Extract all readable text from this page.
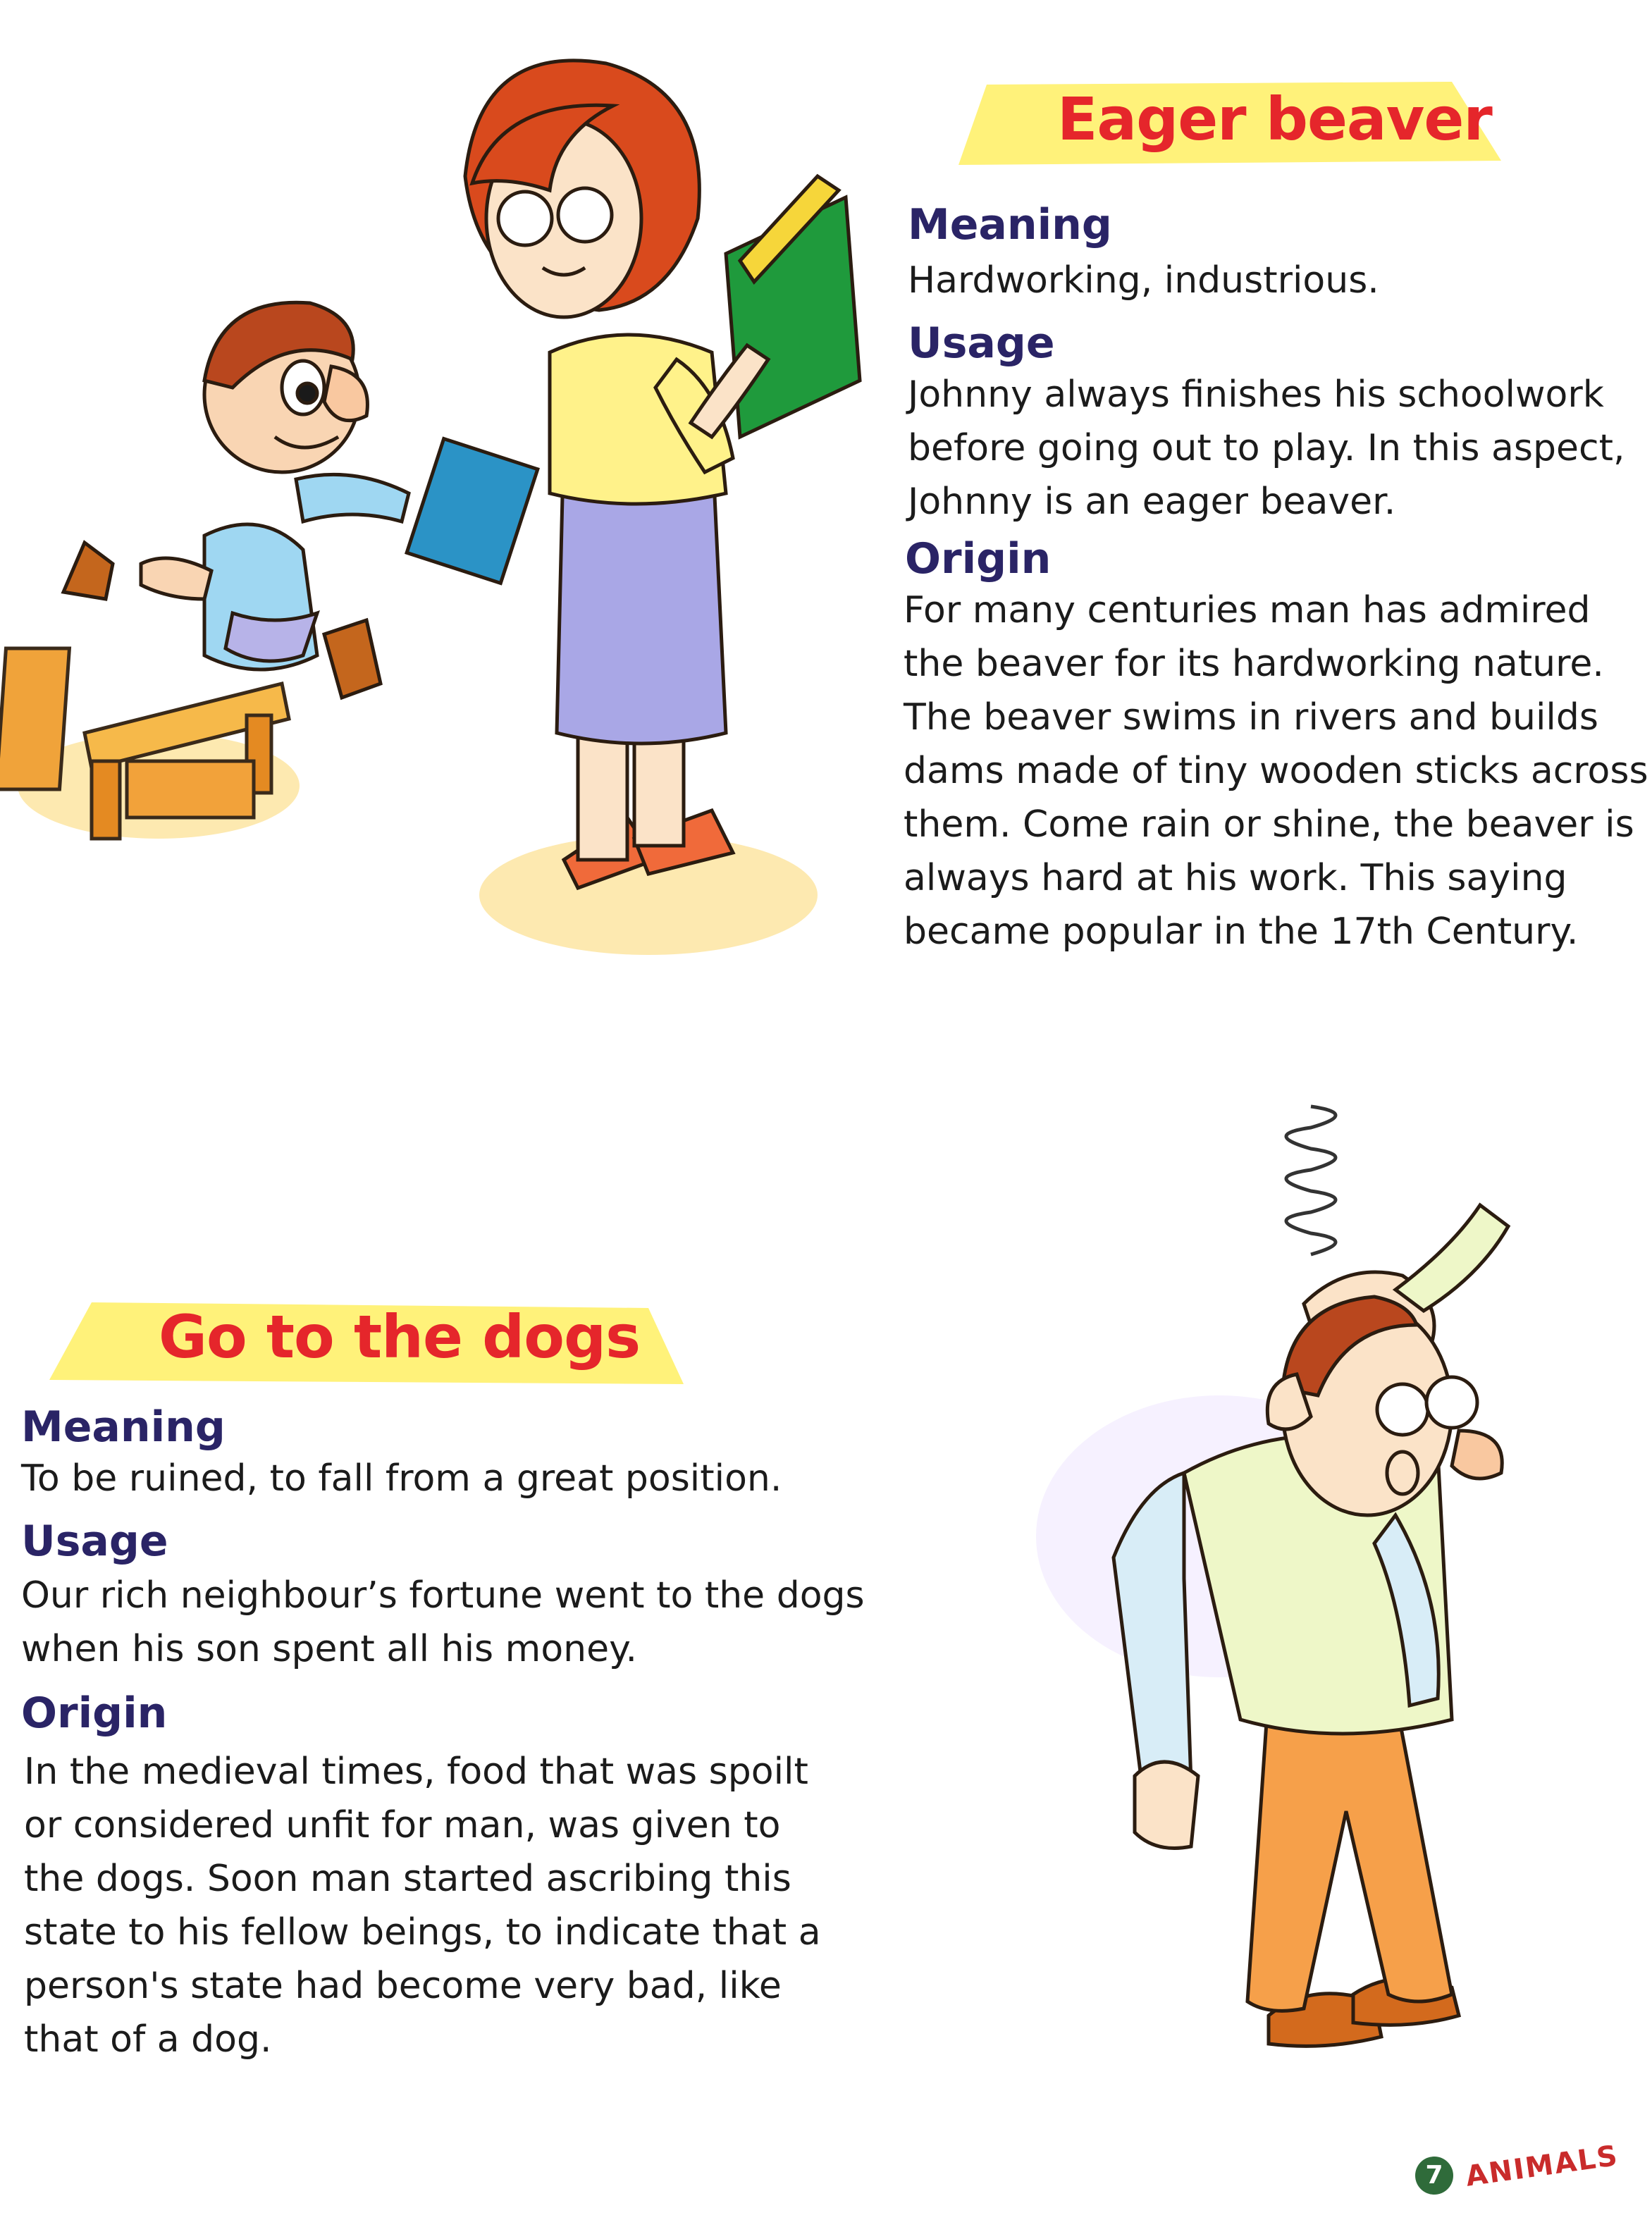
Eager beaver
Meaning
Hardworking, industrious.
Usage
Johnny always finishes his schoolwork
before going out to play. In this aspect,
Johnny is an eager beaver.
Origin
For many centuries man has admired
the beaver for its hardworking nature.
The beaver swims in rivers and builds
dams made of tiny wooden sticks across
them. Come rain or shine, the beaver is
always hard at his work. This saying
became popular in the 17th Century.
Go to the dogs
Meaning
To be ruined, to fall from a great position.
Usage
Our rich neighbour’s fortune went to the dogs
when his son spent all his money.
Origin
In the medieval times, food that was spoilt
or considered unfit for man, was given to
the dogs. Soon man started ascribing this
state to his fellow beings, to indicate that a
person's state had become very bad, like
that of a dog.
7 ANIMALS
